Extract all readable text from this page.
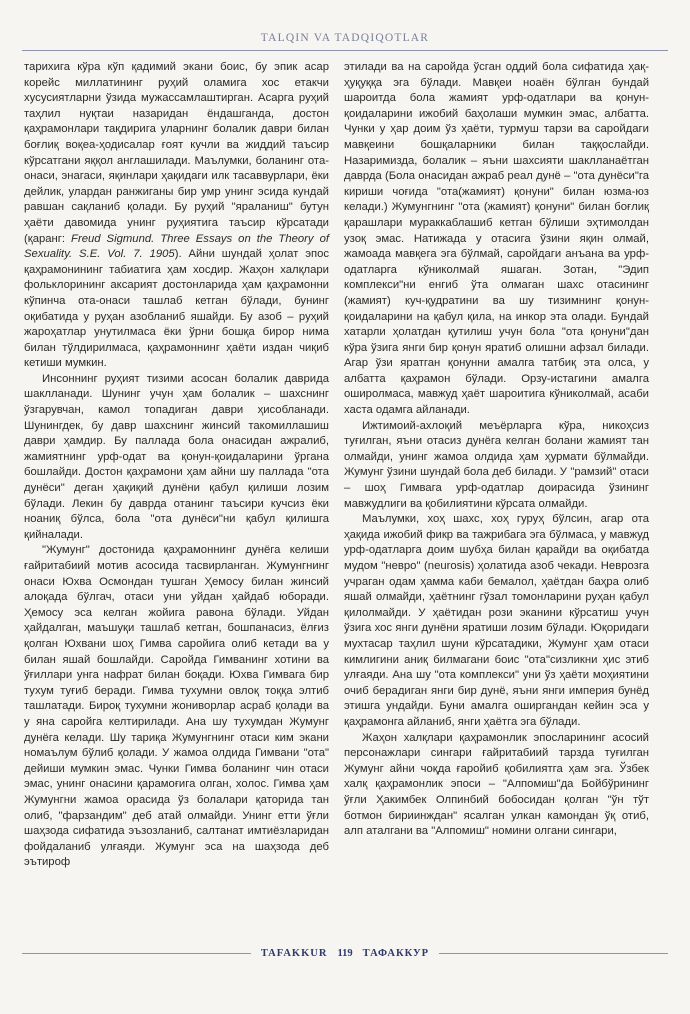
TALQIN VA TADQIQOTLAR

тарихига кўра кўп қадимий экани боис, бу эпик асар корейс миллатининг руҳий оламига хос етакчи хусусиятларни ўзида мужассамлаштирган. Асарга руҳий таҳлил нуқтаи назаридан ёндашганда, достон қаҳрамонлари тақдирига уларнинг болалик даври билан боғлиқ воқеа-ҳодисалар ғоят кучли ва жиддий таъсир кўрсатгани яққол англашилади. Маълумки, боланинг ота-онаси, энагаси, яқинлари ҳақидаги илк тасаввурлари, ёки дейлик, улардан ранжиганы бир умр унинг эсида кундай равшан сақланиб қолади. Бу руҳий "яраланиш" бутун ҳаёти давомида унинг руҳиятига таъсир кўрсатади (қаранг: Freud Sigmund. Three Essays on the Theory of Sexuality. S.E. Vol. 7. 1905). Айни шундай ҳолат эпос қаҳрамонининг табиатига ҳам хосдир. Жаҳон халқлари фольклорининг аксарият достонларида ҳам қаҳрамонни кўпинча ота-онаси ташлаб кетган бўлади, бунинг оқибатида у руҳан азобланиб яшайди. Бу азоб – руҳий жароҳатлар унутилмаса ёки ўрни бошқа бирор нима билан тўлдирилмаса, қаҳрамоннинг ҳаёти издан чиқиб кетиши мумкин.

Инсоннинг руҳият тизими асосан болалик даврида шаклланади. Шунинг учун ҳам болалик – шахснинг ўзгарувчан, камол топадиган даври ҳисобланади. Шунингдек, бу давр шахснинг жинсий такомиллашиш даври ҳамдир. Бу паллада бола онасидан ажралиб, жамиятнинг урф-одат ва қонун-қоидаларини ўргана бошлайди. Достон қаҳрамони ҳам айни шу паллада "ота дунёси" деган ҳақиқий дунёни қабул қилиши лозим бўлади. Лекин бу даврда отанинг таъсири кучсиз ёки ноаниқ бўлса, бола "ота дунёси"ни қабул қилишга қийналади.

"Жумунг" достонида қаҳрамоннинг дунёга келиши ғайритабиий мотив асосида тасвирланган. Жумунгнинг онаси Юхва Осмондан тушган Ҳемосу билан жинсий алоқада бўлгач, отаси уни уйдан ҳайдаб юборади. Ҳемосу эса келган жойига равона бўлади. Уйдан ҳайдалган, маъшуқи ташлаб кетган, бошпанасиз, ёлғиз қолган Юхвани шоҳ Гимва саройига олиб кетади ва у билан яшай бошлайди. Саройда Гимванинг хотини ва ўғиллари унга нафрат билан боқади. Юхва Гимвага бир тухум туғиб беради. Гимва тухумни овлоқ тоққа элтиб ташлатади. Бироқ тухумни жониворлар асраб қолади ва у яна саройга келтирилади. Ана шу тухумдан Жумунг дунёга келади. Шу тариқа Жумунгнинг отаси ким экани номаълум бўлиб қолади. У жамоа олдида Гимвани "ота" дейиши мумкин эмас. Чунки Гимва боланинг чин отаси эмас, унинг онасини қарамоғига олган, холос. Гимва ҳам Жумунгни жамоа орасида ўз болалари қаторида тан олиб, "фарзандим" деб атай олмайди. Унинг етти ўғли шаҳзода сифатида эъзозланиб, салтанат имтиёзларидан фойдаланиб улғаяди. Жумунг эса на шаҳзода деб эътироф

этилади ва на саройда ўсган оддий бола сифатида ҳақ-ҳуқуққа эга бўлади. Мавқеи ноаён бўлган бундай шароитда бола жамият урф-одатлари ва қонун-қоидаларини ижобий баҳолаши мумкин эмас, албатта. Чунки у ҳар доим ўз ҳаёти, турмуш тарзи ва саройдаги мавқеини бошқаларники билан таққослайди. Назаримизда, болалик – яъни шахсияти шаклланаётган даврда (Бола онасидан ажраб реал дунё – "ота дунёси"га кириши чоғида "ота(жамият) қонуни" билан юзма-юз келади.) Жумунгнинг "ота (жамият) қонуни" билан боғлиқ қарашлари мураккаблашиб кетган бўлиши эҳтимолдан узоқ эмас. Натижада у отасига ўзини яқин олмай, жамоада мавқега эга бўлмай, саройдаги анъана ва урф-одатларга кўниколмай яшаган. Зотан, "Эдип комплекси"ни енгиб ўта олмаган шахс отасининг (жамият) куч-қудратини ва шу тизимнинг қонун-қоидаларини на қабул қила, на инкор эта олади. Бундай хатарли ҳолатдан қутилиш учун бола "ота қонуни"дан кўра ўзига янги бир қонун яратиб олишни афзал билади. Агар ўзи яратган қонунни амалга татбиқ эта олса, у албатта қаҳрамон бўлади. Орзу-истагини амалга оширолмаса, мавжуд ҳаёт шароитига кўниколмай, асаби хаста одамга айланади.

Ижтимоий-ахлоқий меъёрларга кўра, никоҳсиз туғилган, яъни отасиз дунёга келган болани жамият тан олмайди, унинг жамоа олдида ҳам ҳурмати бўлмайди. Жумунг ўзини шундай бола деб билади. У "рамзий" отаси – шоҳ Гимвага урф-одатлар доирасида ўзининг мавжудлиги ва қобилиятини кўрсата олмайди.

Маълумки, хоҳ шахс, хоҳ гуруҳ бўлсин, агар ота ҳақида ижобий фикр ва тажрибага эга бўлмаса, у мавжуд урф-одатларга доим шубҳа билан қарайди ва оқибатда мудом "невро" (neurosis) ҳолатида азоб чекади. Неврозга учраган одам ҳамма каби бемалол, ҳаётдан баҳра олиб яшай олмайди, ҳаётнинг гўзал томонларини руҳан қабул қилолмайди. У ҳаётидан рози эканини кўрсатиш учун ўзига хос янги дунёни яратиши лозим бўлади. Юқоридаги мухтасар таҳлил шуни кўрсатадики, Жумунг ҳам отаси кимлигини аниқ билмагани боис "ота"сизликни ҳис этиб улғаяди. Ана шу "ота комплекси" уни ўз ҳаёти моҳиятини очиб берадиган янги бир дунё, яъни янги империя бунёд этишга ундайди. Буни амалга оширгандан кейин эса у қаҳрамонга айланиб, янги ҳаётга эга бўлади.

Жаҳон халқлари қаҳрамонлик эпосларининг асосий персонажлари сингари ғайритабиий тарзда туғилган Жумунг айни чоқда ғаройиб қобилиятга ҳам эга. Ўзбек халқ қаҳрамонлик эпоси – "Алпомиш"да Бойбўрининг ўғли Ҳакимбек Олпинбий бобосидан қолган "ўн тўт ботмон бириинждан" ясалган улкан камондан ўқ отиб, алп аталгани ва "Алпомиш" номини олгани сингари,

TAFAKKUR 119 ТАФАККУР
